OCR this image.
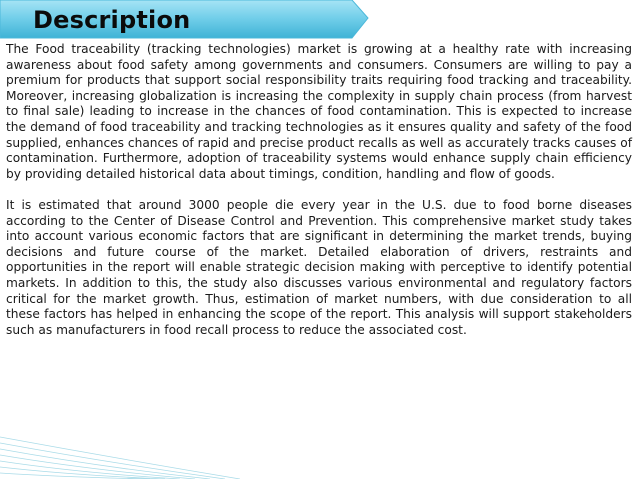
Description

The Food traceability (tracking technologies) market is growing at a healthy rate with increasing awareness about food safety among governments and consumers. Consumers are willing to pay a premium for products that support social responsibility traits requiring food tracking and traceability. Moreover, increasing globalization is increasing the complexity in supply chain process (from harvest to final sale) leading to increase in the chances of food contamination. This is expected to increase the demand of food traceability and tracking technologies as it ensures quality and safety of the food supplied, enhances chances of rapid and precise product recalls as well as accurately tracks causes of contamination. Furthermore, adoption of traceability systems would enhance supply chain efficiency by providing detailed historical data about timings, condition, handling and flow of goods.

It is estimated that around 3000 people die every year in the U.S. due to food borne diseases according to the Center of Disease Control and Prevention. This comprehensive market study takes into account various economic factors that are significant in determining the market trends, buying decisions and future course of the market. Detailed elaboration of drivers, restraints and opportunities in the report will enable strategic decision making with perceptive to identify potential markets. In addition to this, the study also discusses various environmental and regulatory factors critical for the market growth. Thus, estimation of market numbers, with due consideration to all these factors has helped in enhancing the scope of the report. This analysis will support stakeholders such as manufacturers in food recall process to reduce the associated cost.
